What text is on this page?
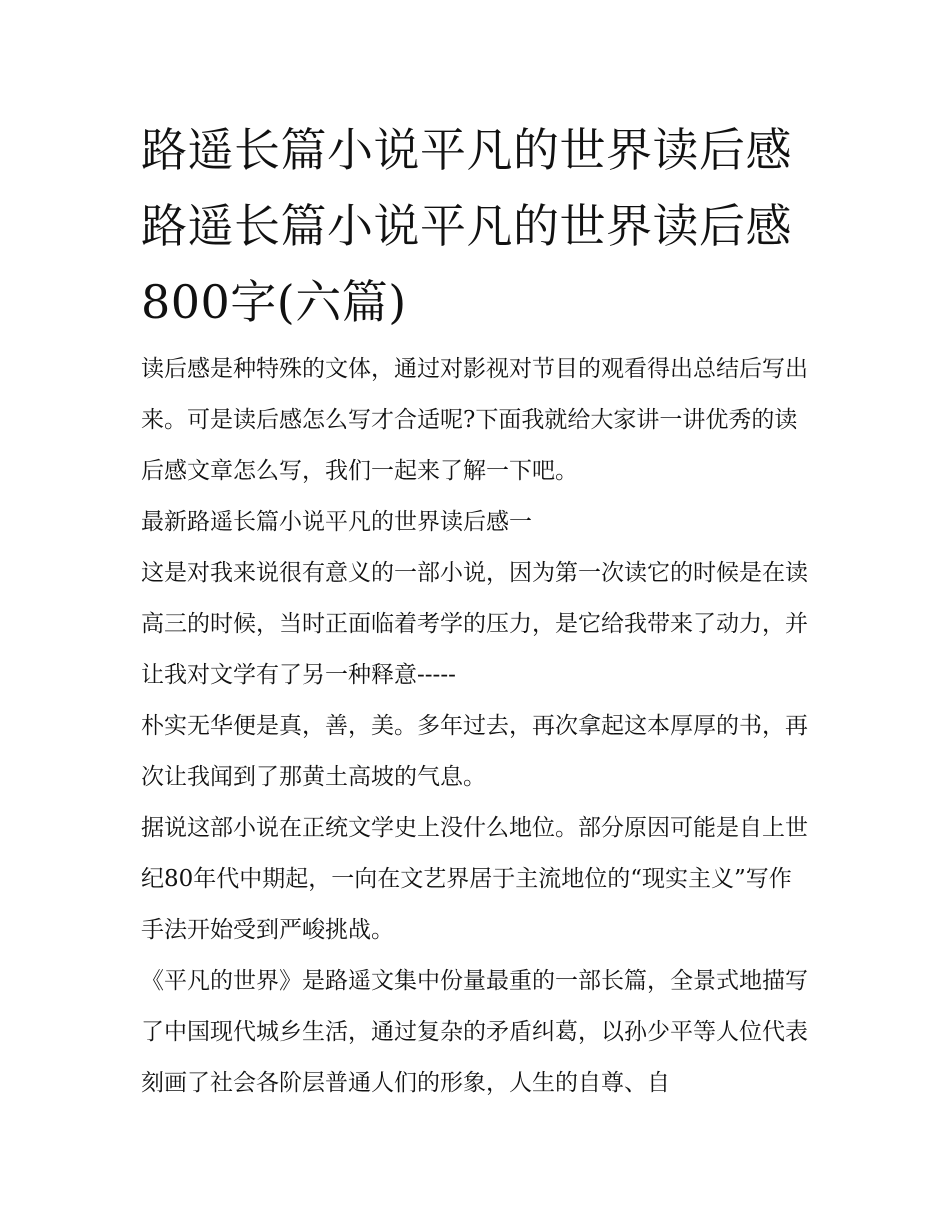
路遥长篇小说平凡的世界读后感 路遥长篇小说平凡的世界读后感800字(六篇)

读后感是种特殊的文体，通过对影视对节目的观看得出总结后写出来。可是读后感怎么写才合适呢?下面我就给大家讲一讲优秀的读后感文章怎么写，我们一起来了解一下吧。

最新路遥长篇小说平凡的世界读后感一

这是对我来说很有意义的一部小说，因为第一次读它的时候是在读高三的时候，当时正面临着考学的压力，是它给我带来了动力，并让我对文学有了另一种释意-----

朴实无华便是真，善，美。多年过去，再次拿起这本厚厚的书，再次让我闻到了那黄土高坡的气息。

据说这部小说在正统文学史上没什么地位。部分原因可能是自上世纪80年代中期起，一向在文艺界居于主流地位的“现实主义”写作手法开始受到严峻挑战。

《平凡的世界》是路遥文集中份量最重的一部长篇，全景式地描写了中国现代城乡生活，通过复杂的矛盾纠葛，以孙少平等人位代表刻画了社会各阶层普通人们的形象，人生的自尊、自
